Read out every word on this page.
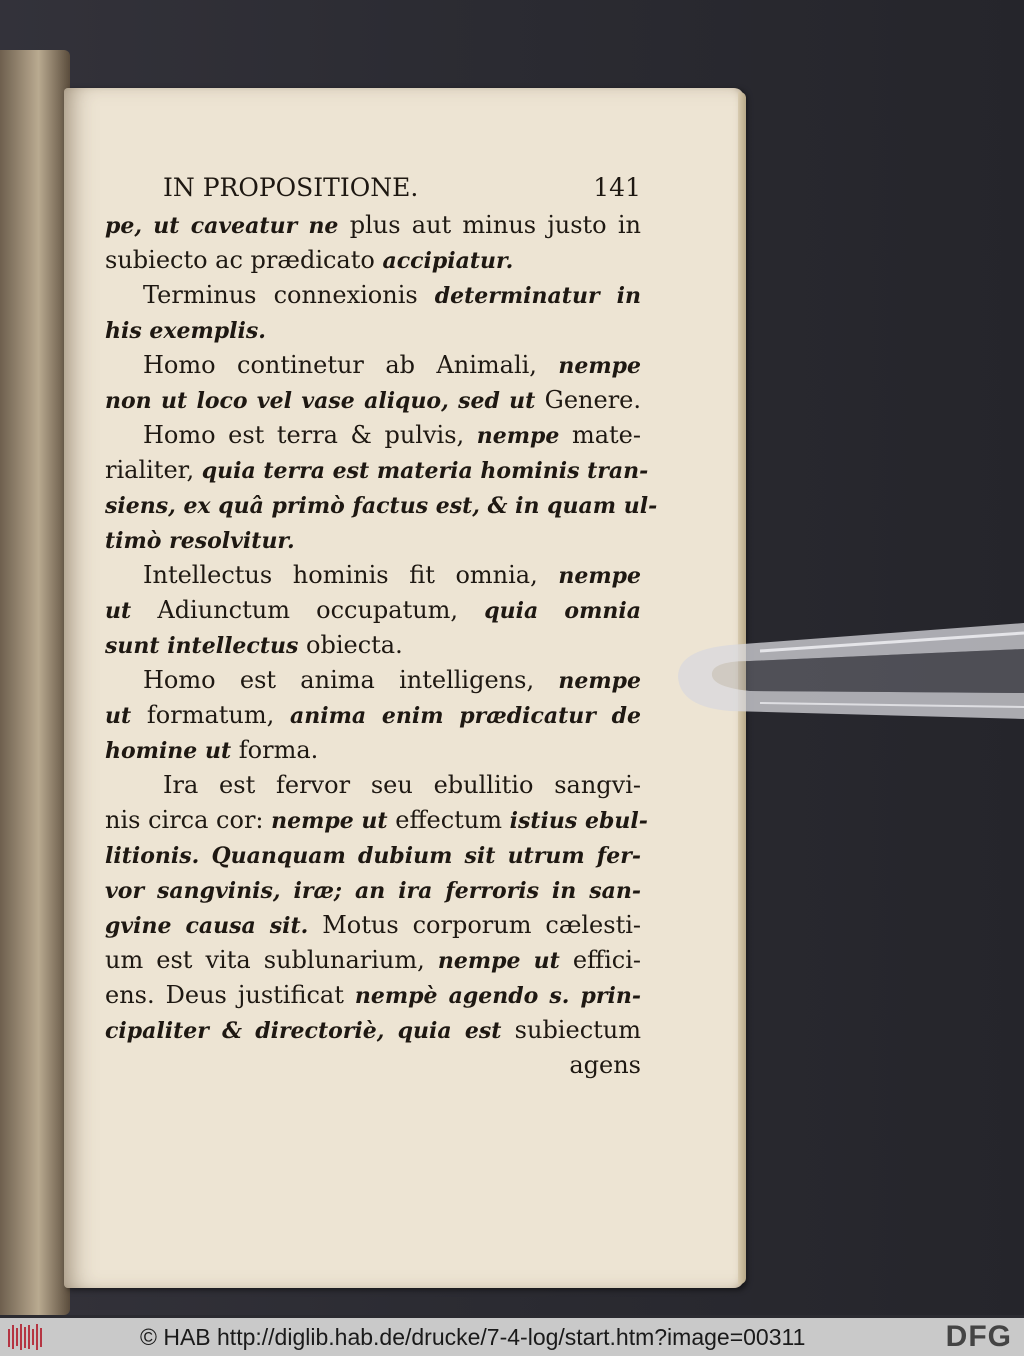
IN PROPOSITIONE.	141
pe, ut caveatur ne plus aut minus justo in
subiecto ac prædicato accipiatur.
Terminus connexionis determinatur in
his exemplis.
Homo continetur ab Animali, nempe
non ut loco vel vase aliquo, sed ut Genere.
Homo est terra & pulvis, nempe mate-
rialiter, quia terra est materia hominis tran-
siens, ex quâ primò factus est, & in quam ul-
timò resolvitur.
Intellectus hominis fit omnia, nempe
ut Adiunctum occupatum, quia omnia
sunt intellectus obiecta.
Homo est anima intelligens, nempe
ut formatum, anima enim prædicatur de
homine ut forma.
Ira est fervor seu ebullitio sangvi-
nis circa cor: nempe ut effectum istius ebul-
litionis. Quanquam dubium sit utrum fer-
vor sangvinis, iræ; an ira ferroris in san-
gvine causa sit. Motus corporum cælesti-
um est vita sublunarium, nempe ut effici-
ens. Deus justificat nempè agendo s. prin-
cipaliter & directoriè, quia est subiectum
agens
© HAB http://diglib.hab.de/drucke/7-4-log/start.htm?image=00311	DFG
